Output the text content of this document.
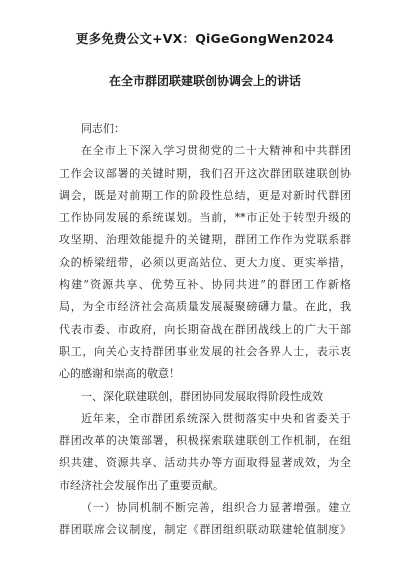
更多免费公文+VX：QiGeGongWen2024
在全市群团联建联创协调会上的讲话
同志们：
在全市上下深入学习贯彻党的二十大精神和中共群团
工作会议部署的关键时期，我们召开这次群团联建联创协
调会，既是对前期工作的阶段性总结，更是对新时代群团
工作协同发展的系统谋划。当前，**市正处于转型升级的
攻坚期、治理效能提升的关键期，群团工作作为党联系群
众的桥梁纽带，必须以更高站位、更大力度、更实举措，
构建“资源共享、优势互补、协同共进”的群团工作新格
局，为全市经济社会高质量发展凝聚磅礴力量。在此，我
代表市委、市政府，向长期奋战在群团战线上的广大干部
职工，向关心支持群团事业发展的社会各界人士，表示衷
心的感谢和崇高的敬意！
一、深化联建联创，群团协同发展取得阶段性成效
近年来，全市群团系统深入贯彻落实中央和省委关于
群团改革的决策部署，积极探索联建联创工作机制，在组
织共建、资源共享、活动共办等方面取得显著成效，为全
市经济社会发展作出了重要贡献。
（一）协同机制不断完善，组织合力显著增强。建立
群团联席会议制度，制定《群团组织联动联建轮值制度》
